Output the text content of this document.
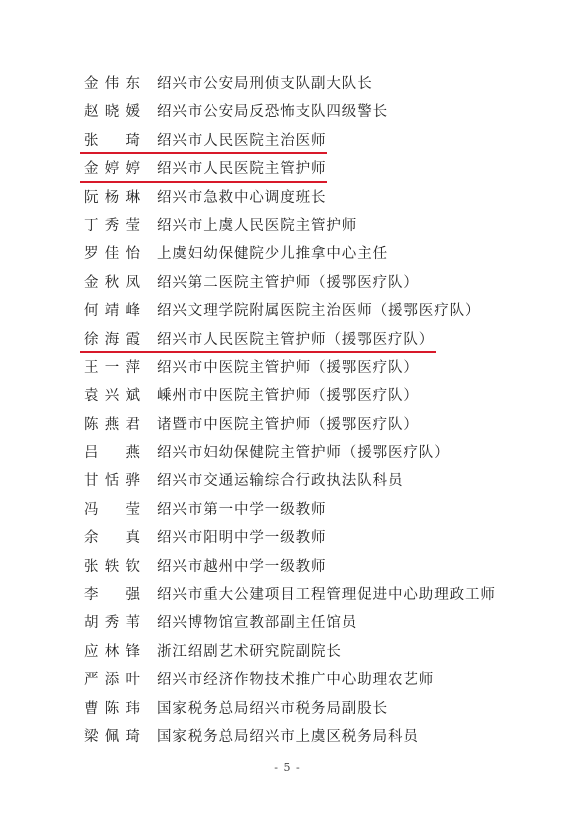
金伟东 绍兴市公安局刑侦支队副大队长
赵晓媛 绍兴市公安局反恐怖支队四级警长
张琦 绍兴市人民医院主治医师
金婷婷 绍兴市人民医院主管护师
阮杨琳 绍兴市急救中心调度班长
丁秀莹 绍兴市上虞人民医院主管护师
罗佳怡 上虞妇幼保健院少儿推拿中心主任
金秋凤 绍兴第二医院主管护师（援鄂医疗队）
何靖峰 绍兴文理学院附属医院主治医师（援鄂医疗队）
徐海霞 绍兴市人民医院主管护师（援鄂医疗队）
王一萍 绍兴市中医院主管护师（援鄂医疗队）
袁兴斌 嵊州市中医院主管护师（援鄂医疗队）
陈燕君 诸暨市中医院主管护师（援鄂医疗队）
吕燕 绍兴市妇幼保健院主管护师（援鄂医疗队）
甘恬骅 绍兴市交通运输综合行政执法队科员
冯莹 绍兴市第一中学一级教师
余真 绍兴市阳明中学一级教师
张轶钦 绍兴市越州中学一级教师
李强 绍兴市重大公建项目工程管理促进中心助理政工师
胡秀苇 绍兴博物馆宣教部副主任馆员
应林锋 浙江绍剧艺术研究院副院长
严添叶 绍兴市经济作物技术推广中心助理农艺师
曹陈玮 国家税务总局绍兴市税务局副股长
梁佩琦 国家税务总局绍兴市上虞区税务局科员
- 5 -
